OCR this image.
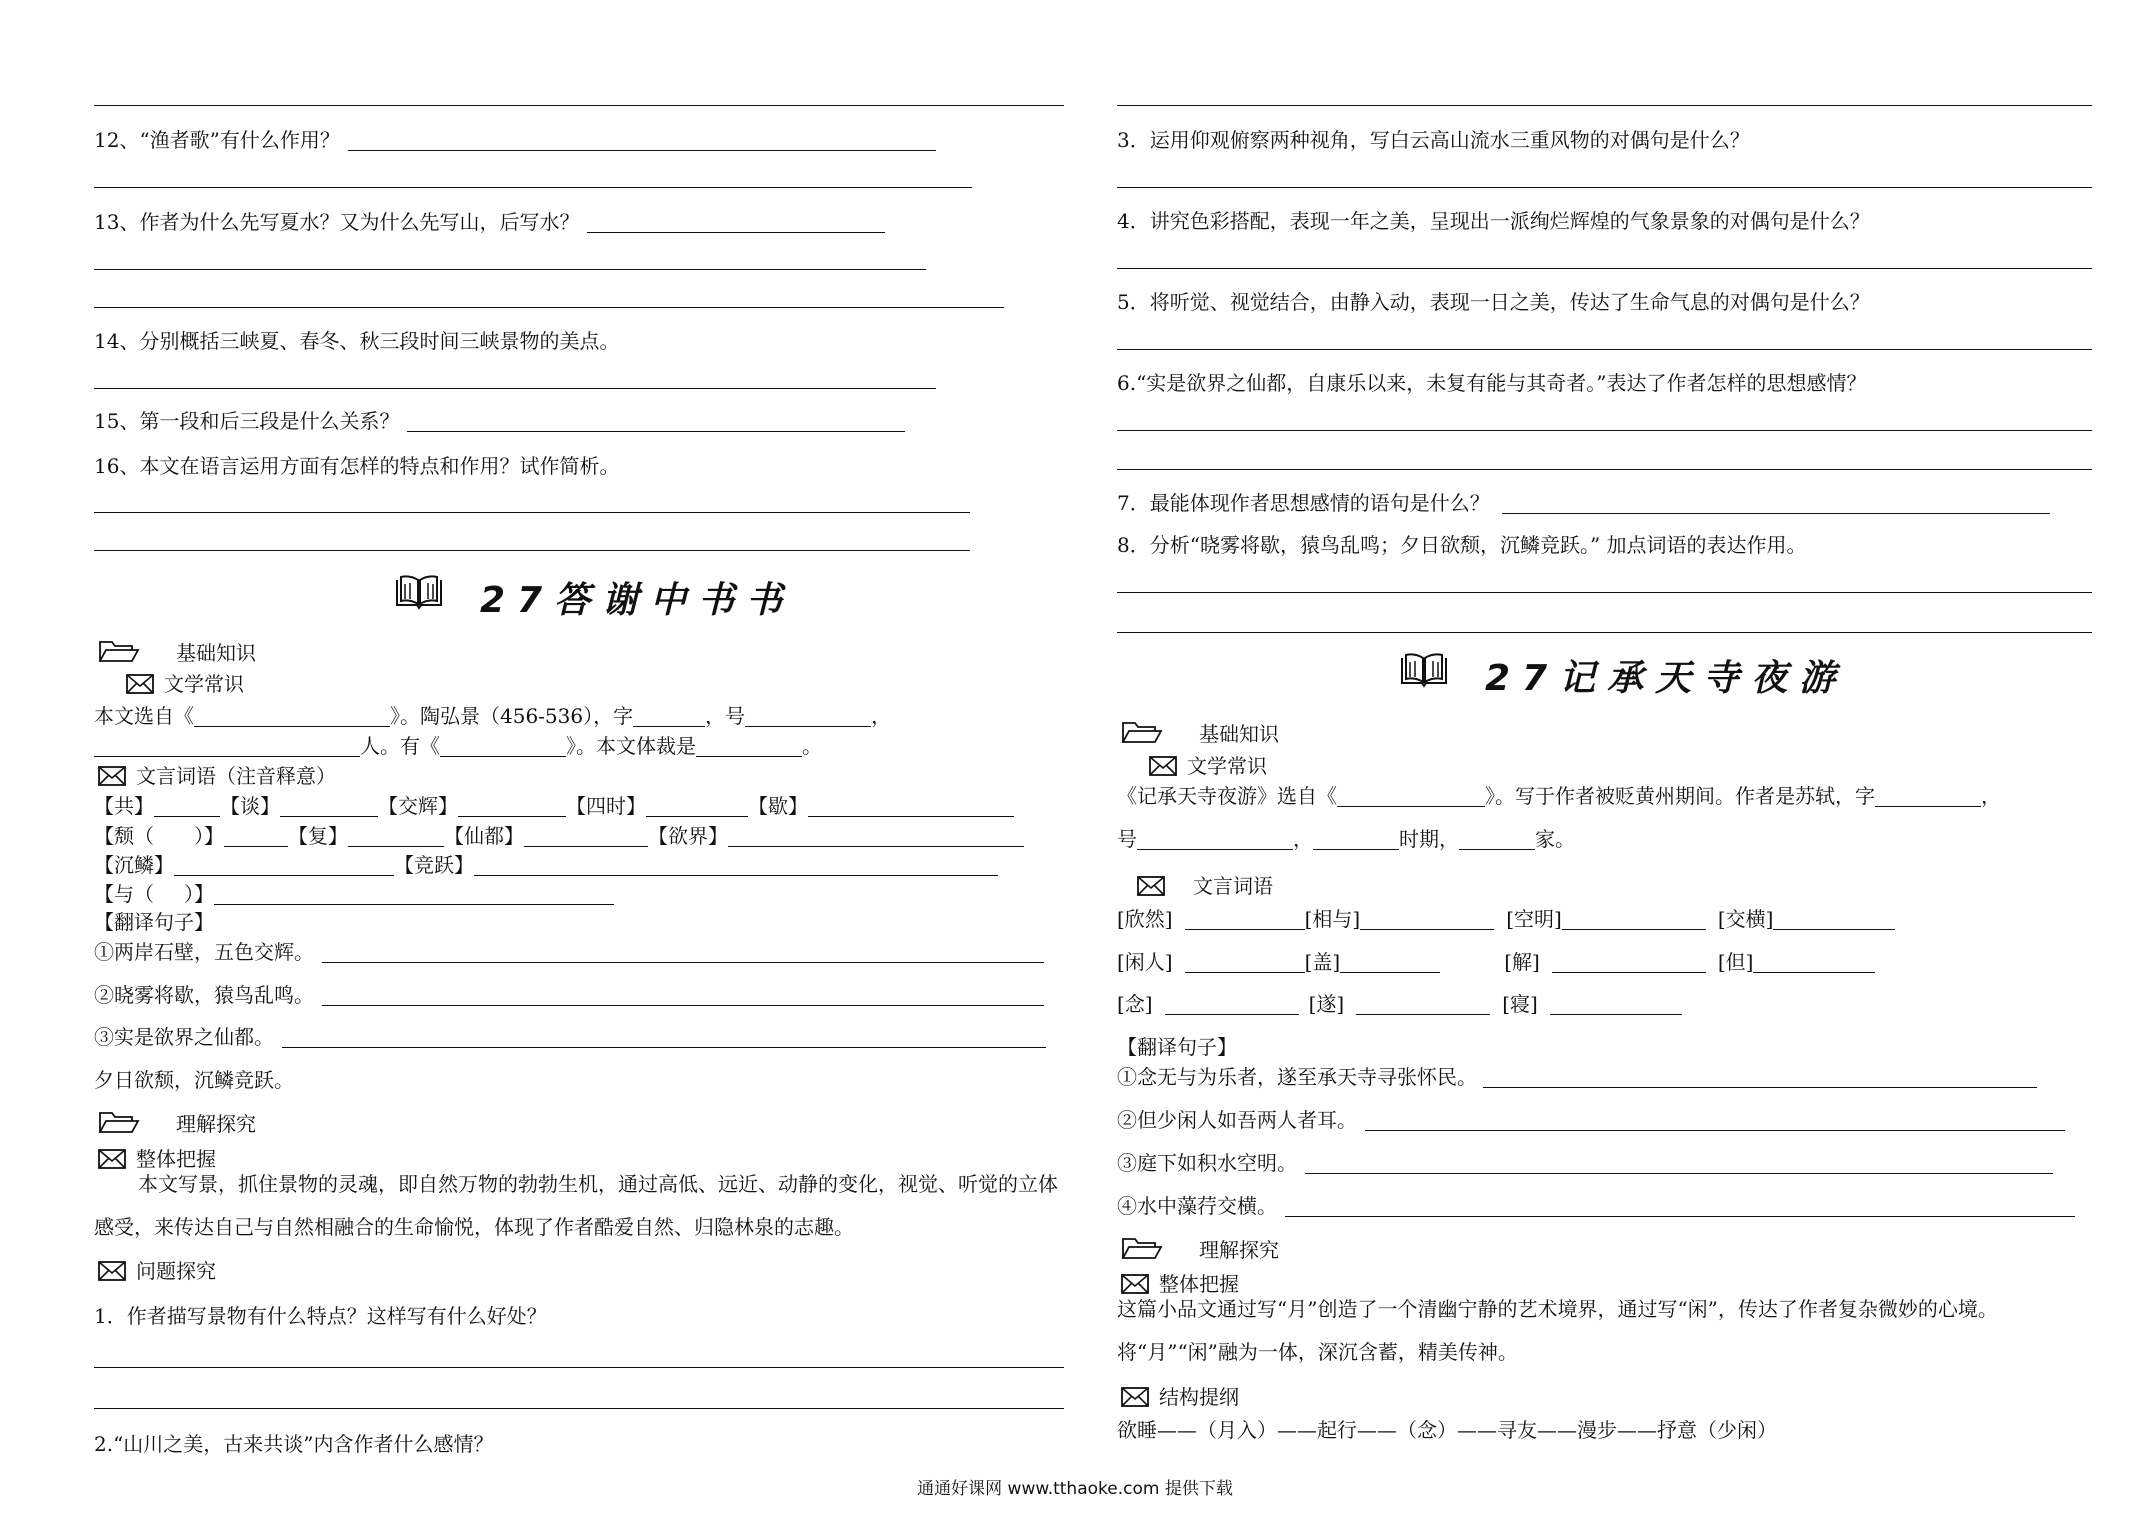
12、“渔者歌”有什么作用？
13、作者为什么先写夏水？又为什么先写山，后写水？
14、分别概括三峡夏、春冬、秋三段时间三峡景物的美点。
15、第一段和后三段是什么关系？
16、本文在语言运用方面有怎样的特点和作用？试作简析。
27答谢中书书
基础知识
文学常识
本文选自《	》。陶弘景（456-536），字	，号	，
人。有《	》。本文体裁是	。
文言词语（注音释意）
【共】	【谈】	【交辉】	【四时】	【歇】
【颓（ ）】	【复】	【仙都】	【欲界】
【沉鳞】	【竞跃】
【与（ ）】
【翻译句子】
①两岸石壁，五色交辉。
②晓雾将歇，猿鸟乱鸣。
③实是欲界之仙都。
夕日欲颓，沉鳞竞跃。
理解探究
整体把握
本文写景，抓住景物的灵魂，即自然万物的勃勃生机，通过高低、远近、动静的变化，视觉、听觉的立体感受，来传达自己与自然相融合的生命愉悦，体现了作者酷爱自然、归隐林泉的志趣。
问题探究
1．作者描写景物有什么特点？这样写有什么好处？
2.“山川之美，古来共谈”内含作者什么感情？
3．运用仰观俯察两种视角，写白云高山流水三重风物的对偶句是什么？
4．讲究色彩搭配，表现一年之美，呈现出一派绚烂辉煌的气象景象的对偶句是什么？
5．将听觉、视觉结合，由静入动，表现一日之美，传达了生命气息的对偶句是什么？
6.“实是欲界之仙都，自康乐以来，未复有能与其奇者。”表达了作者怎样的思想感情？
7．最能体现作者思想感情的语句是什么？
8．分析“晓雾将歇，猿鸟乱鸣；夕日欲颓，沉鳞竞跃。” 加点词语的表达作用。
27记承天寺夜游
基础知识
文学常识
《记承天寺夜游》选自《	》。写于作者被贬黄州期间。作者是苏轼，字	，
号	，	时期，	家。
文言词语
[欣然]	[相与]	[空明]	[交横]
[闲人]	[盖]	[解]	[但]
[念]	[遂]	[寝]
【翻译句子】
①念无与为乐者，遂至承天寺寻张怀民。
②但少闲人如吾两人者耳。
③庭下如积水空明。
④水中藻荇交横。
理解探究
整体把握
这篇小品文通过写“月”创造了一个清幽宁静的艺术境界，通过写“闲”，传达了作者复杂微妙的心境。将“月”“闲”融为一体，深沉含蓄，精美传神。
结构提纲
欲睡——（月入）——起行——（念）——寻友——漫步——抒意（少闲）
通通好课网 www.tthaoke.com 提供下载
